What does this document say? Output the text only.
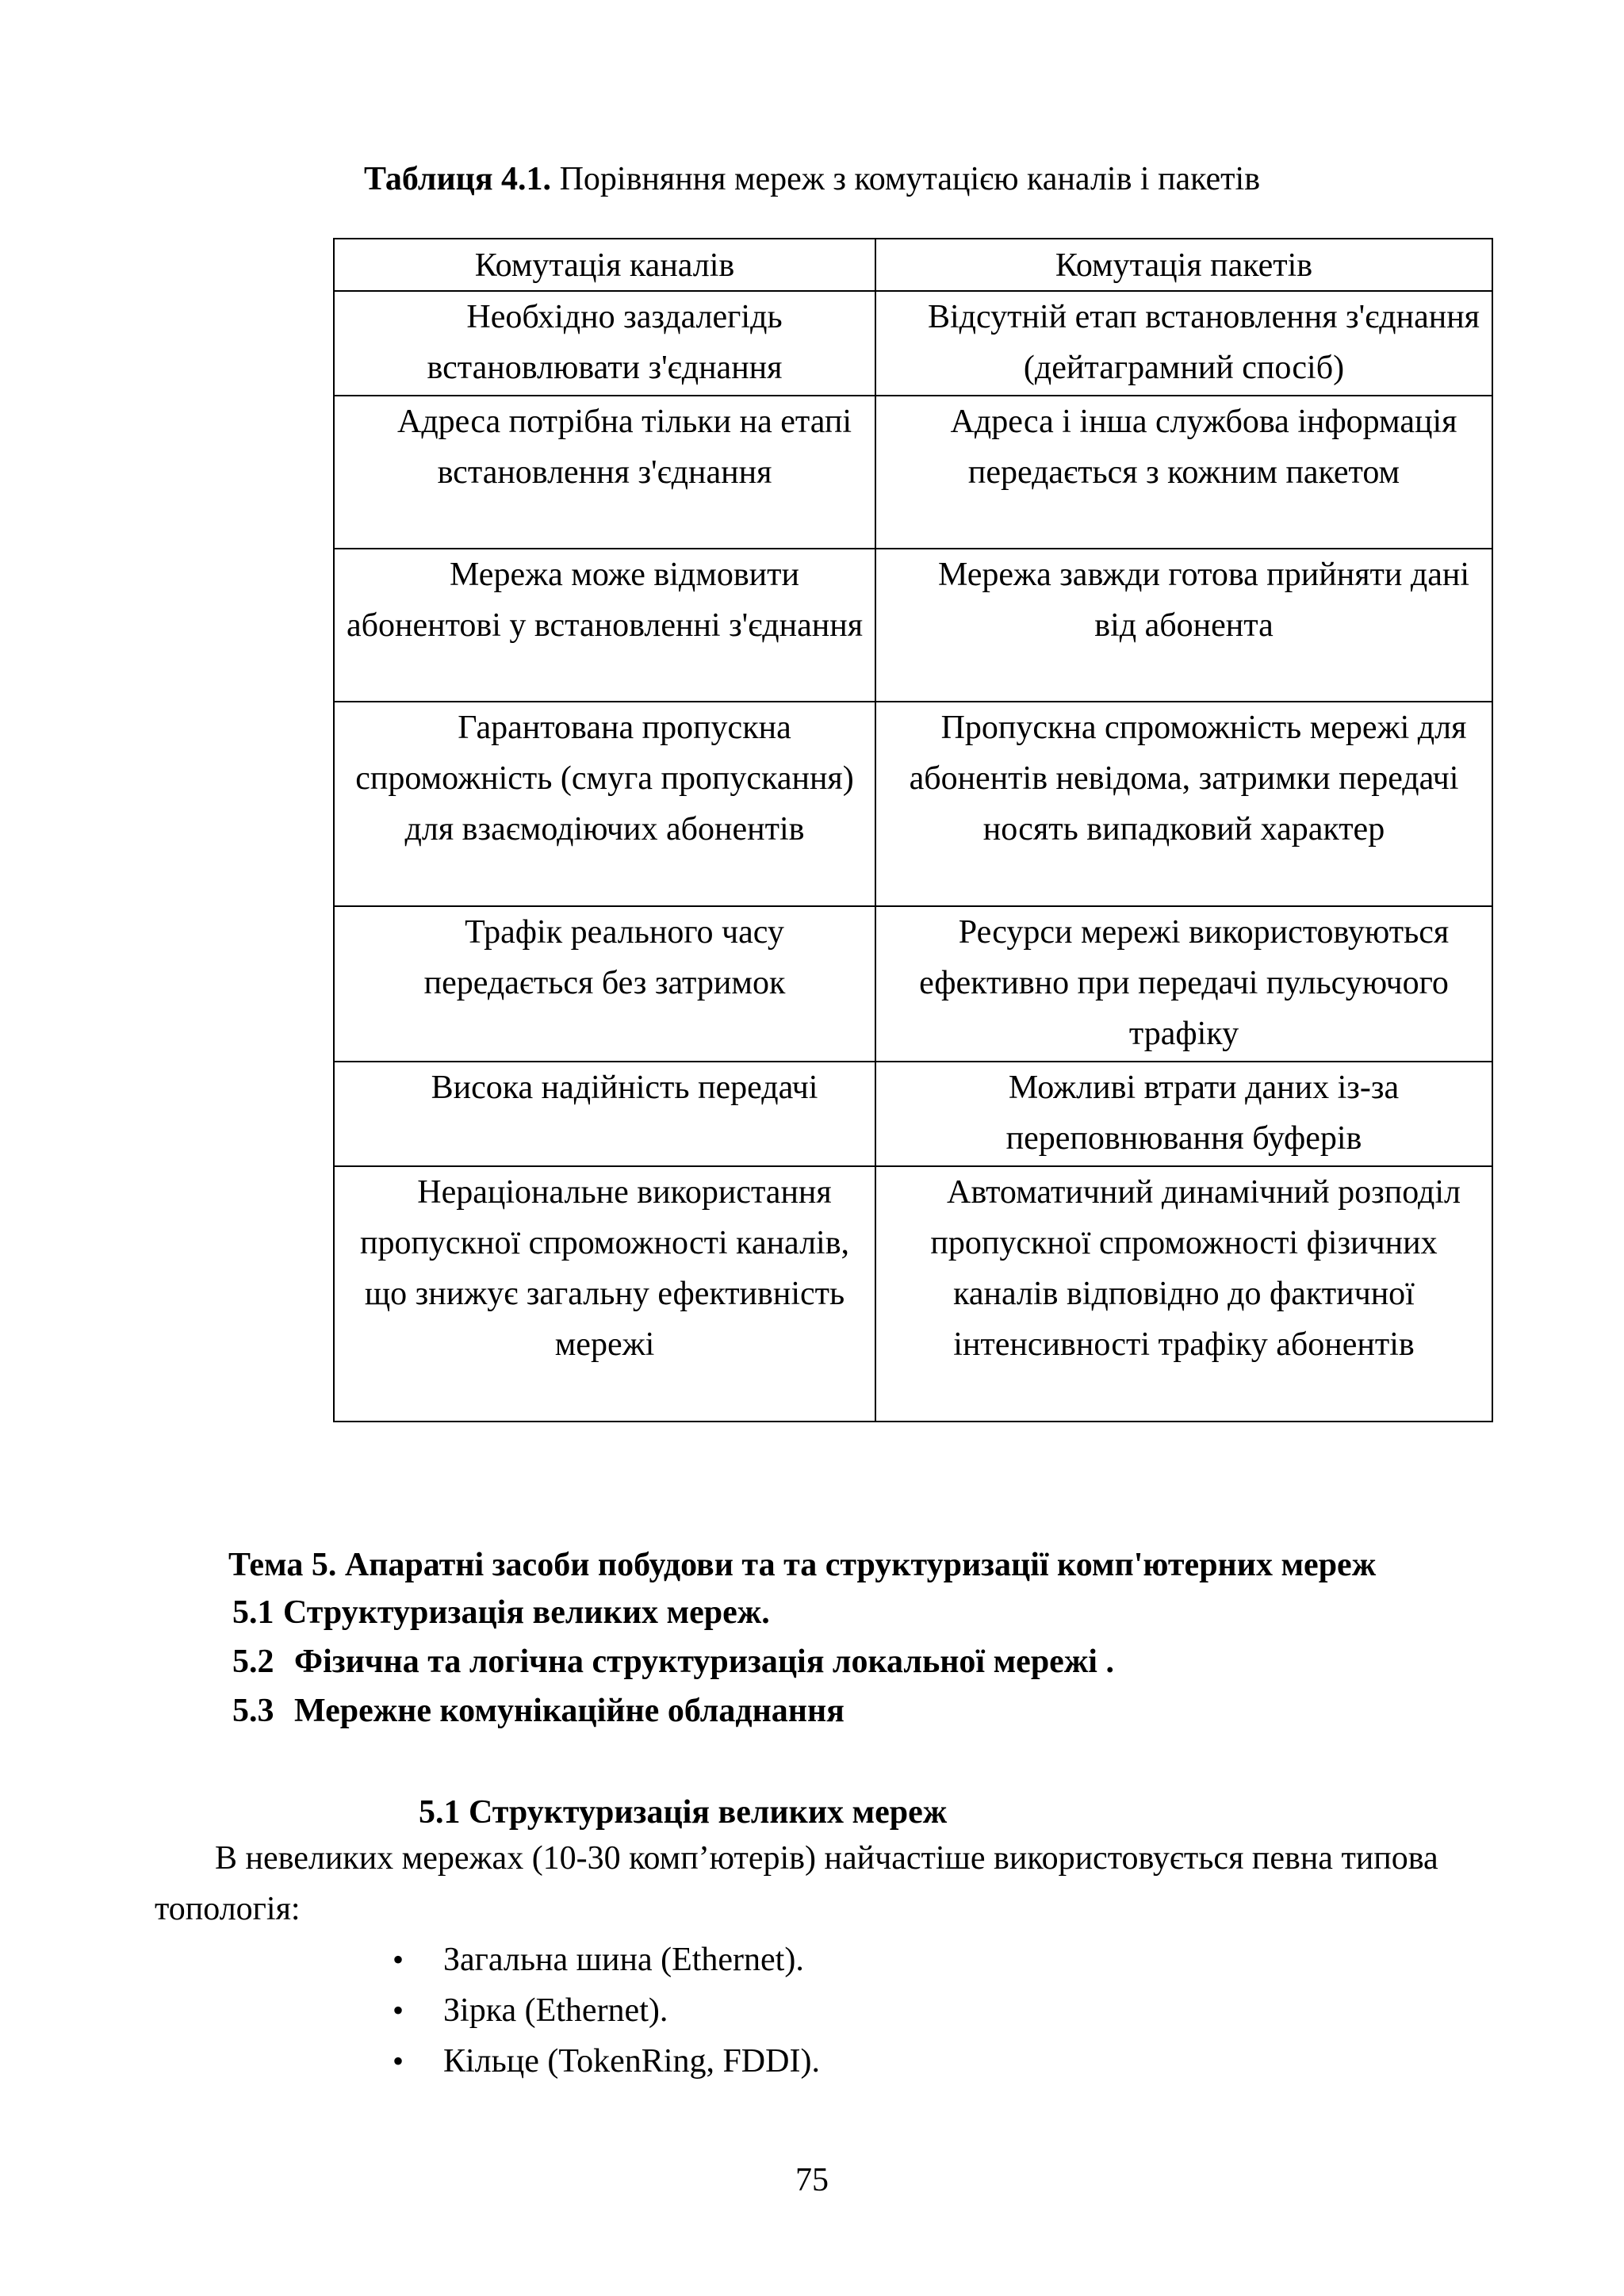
Таблиця 4.1. Порівняння мереж з комутацією каналів і пакетів
Комутація каналів	Комутація пакетів

Необхідно заздалегідь встановлювати з'єднання	Відсутній етап встановлення з'єднання (дейтаграмний спосіб)

Адреса потрібна тільки на етапі встановлення з'єднання	Адреса і інша службова інформація передається з кожним пакетом

Мережа може відмовити абонентові у встановленні з'єднання	Мережа завжди готова прийняти дані від абонента

Гарантована пропускна спроможність (смуга пропускання) для взаємодіючих абонентів	Пропускна спроможність мережі для абонентів невідома, затримки передачі носять випадковий характер

Трафік реального часу передається без затримок	Ресурси мережі використовуються ефективно при передачі пульсуючого трафіку

Висока надійність передачі	Можливі втрати даних із-за переповнювання буферів

Нераціональне використання пропускної спроможності каналів, що знижує загальну ефективність мережі	Автоматичний динамічний розподіл пропускної спроможності фізичних каналів відповідно до фактичної інтенсивності трафіку абонентів
Тема 5. Апаратні засоби побудови та та структуризації комп'ютерних мереж
5.1 Структуризація великих мереж.
5.2 Фізична та логічна структуризація локальної мережі .
5.3 Мережне комунікаційне обладнання
5.1 Структуризація великих мереж
В невеликих мережах (10-30 комп’ютерів) найчастіше використовується певна типова топологія:
• Загальна шина (Ethernet).
• Зірка (Ethernet).
• Кільце (TokenRing, FDDI).
75
